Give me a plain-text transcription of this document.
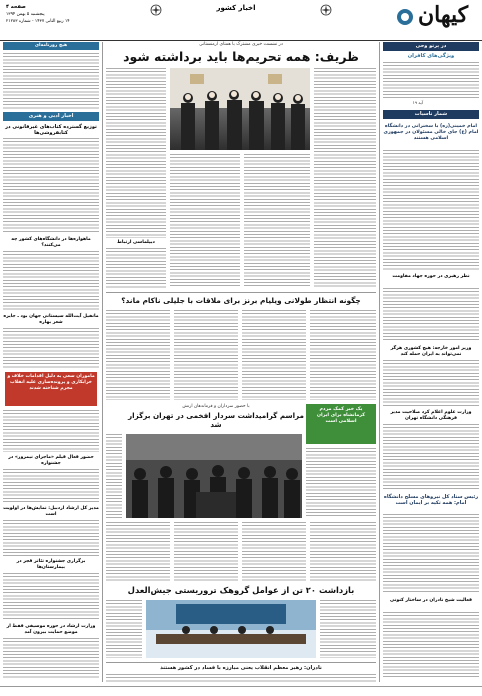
صفحه ۴
پنجشنبه ۵ بهمن ۱۳۹۴
۱۴ ربیع الثانی ۱۴۳۷ - شماره ۲۱۲۸۳
اخبار کشور	کیهان
هیچ روزنامه‌ای
اخبار ادبی و هنری
توزیع گسترده کتاب‌های غیرقانونی در کتابفروشی‌ها
ماهواره‌ها در دانشگاه‌های کشور چه می‌کنند؟
مانفیل آیت‌الله سیستانی جهان بود ـ جایزه شعر بهاره
ماموران سعی به دلیل اقدامات خلاف و خرابکاری و پرونده‌سازی علیه انقلاب مجرم شناخته شدند
حضور فعال فیلم «ماجرای نیمروز» در جشنواره
مدیر کل ارشاد اردبیل: نمایش‌ها در اولویت است
برگزاری جشنواره تئاتر فجر در بیمارستان‌ها
وزارت ارشاد در حوزه موسیقی فقط از موضع حمایت بیرون آمد
در نشست خبری مشترک با همتای ارمنستانی
ظریف: همه تحریم‌ها باید برداشته شود
دیپلماسی ارتباط
چگونه انتظار طولانی ویلیام برنز برای ملاقات با جلیلی ناکام ماند؟
با حضور سرداران و فرماندهان ارتش
مراسم گرامیداشت سردار افخمی در تهران برگزار شد
یک خبر کمک مردم کرمانشاه برای ایران اسلامی است
بازداشت ۲۰ تن از عوامل گروهک تروریستی جیش‌العدل
نادران: رهبر معظم انقلاب یعنی مبارزه با فساد در کشور هستند
در پرتو وحی
ویژگی‌های کافران
آیه ۱۹
شمار تاسیات
امام خمینی(ره) با سخنرانی در دانشگاه امام (ع) جای خالی مسئولان در جمهوری اسلامی هستند
نظر رهبری در حوزه جهاد مقاومت
وزیر امور خارجه: هیچ کشوری هرگز نمی‌تواند به ایران حمله کند
وزارت علوم اعلام کرد صلاحیت مدیر فرهنگی دانشگاه تهران
رئیس ستاد کل نیروهای مسلح دانشگاه امام: همه تکیه بر ایمان است
فعالیت شیخ نادران در ساختار کنونی
